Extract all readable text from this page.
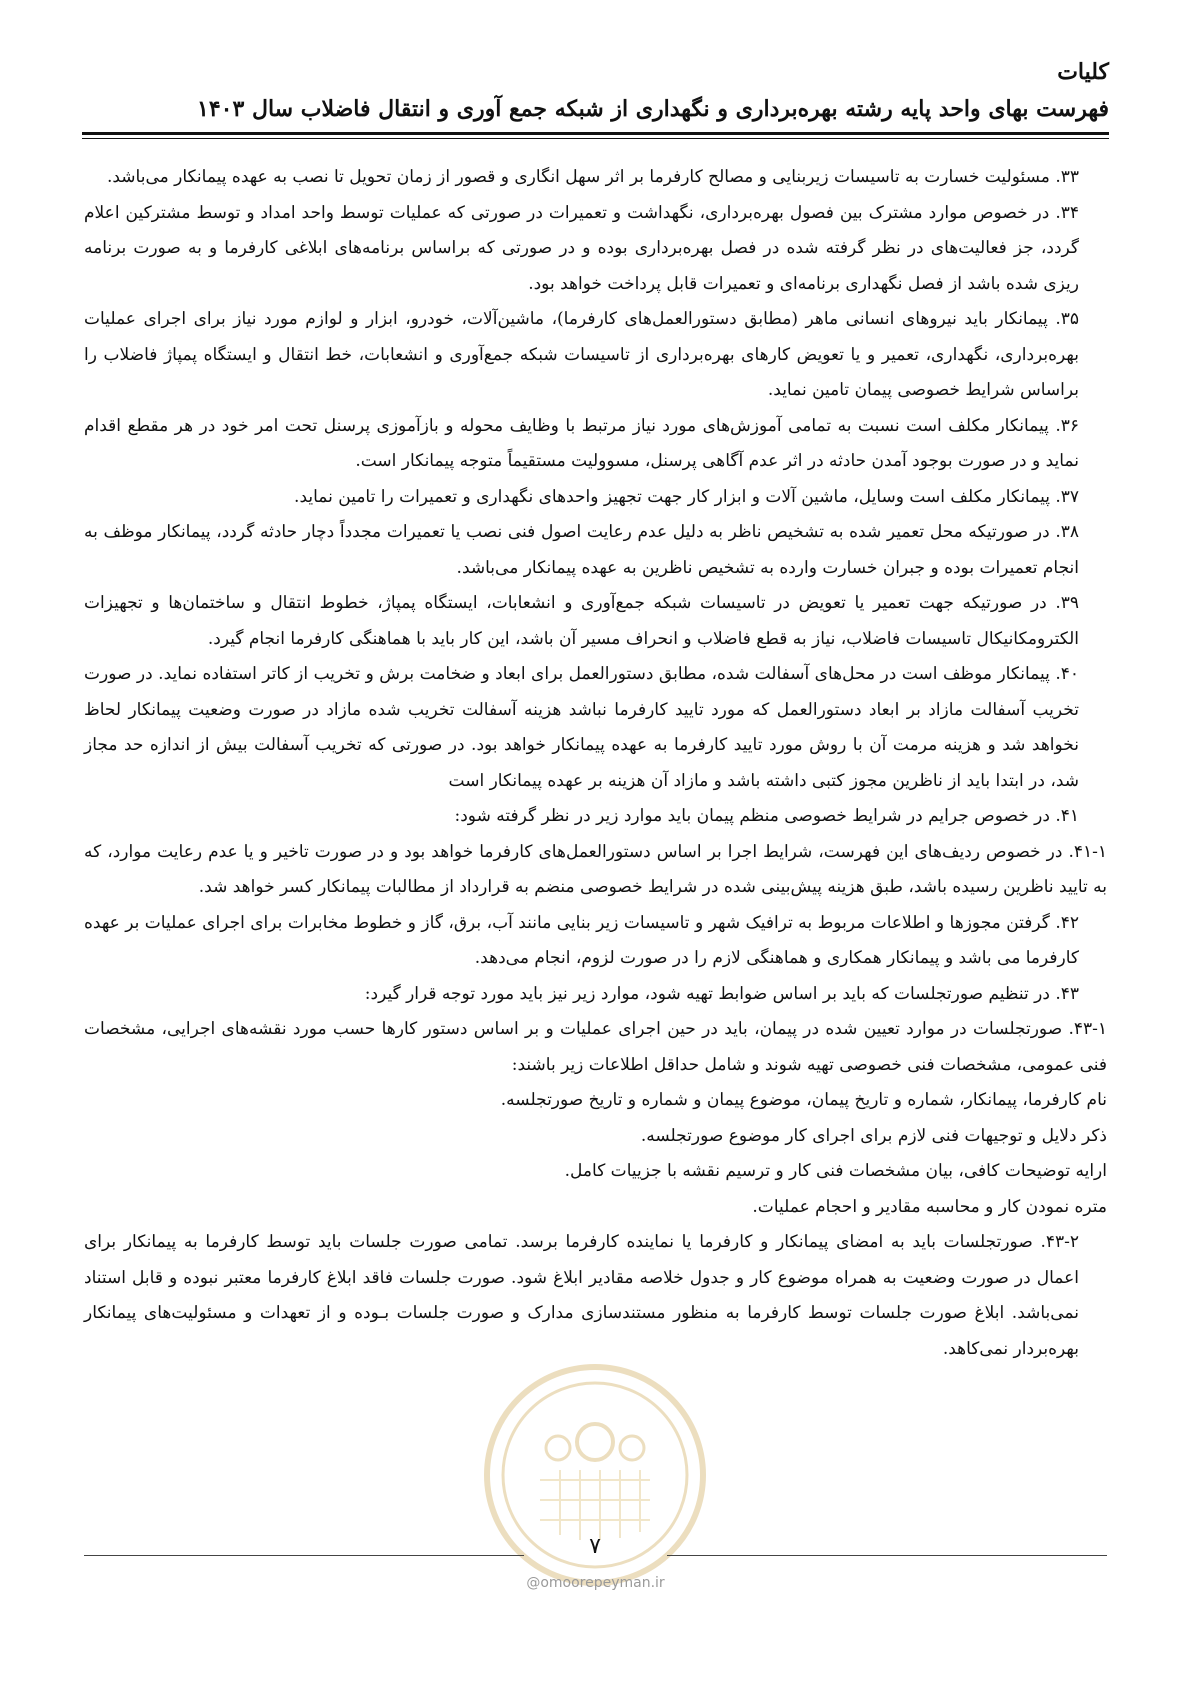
کلیات
فهرست بهای واحد پایه رشته بهره‌برداری و نگهداری از شبکه جمع آوری و انتقال فاضلاب سال ۱۴۰۳

۳۳. مسئولیت خسارت به تاسیسات زیربنایی و مصالح کارفرما بر اثر سهل انگاری و قصور از زمان تحویل تا نصب به عهده پیمانکار می‌باشد.

۳۴. در خصوص موارد مشترک بین فصول بهره‌برداری، نگهداشت و تعمیرات در صورتی که عملیات توسط واحد امداد و توسط مشترکین اعلام گردد، جز فعالیت‌های در نظر گرفته شده در فصل بهره‌برداری بوده و در صورتی که براساس برنامه‌های ابلاغی کارفرما و به صورت برنامه ریزی شده باشد از فصل نگهداری برنامه‌ای و تعمیرات قابل پرداخت خواهد بود.

۳۵. پیمانکار باید نیروهای انسانی ماهر (مطابق دستورالعمل‌های کارفرما)، ماشین‌آلات، خودرو، ابزار و لوازم مورد نیاز برای اجرای عملیات بهره‌برداری، نگهداری، تعمیر و یا تعویض کارهای بهره‌برداری از تاسیسات شبکه جمع‌آوری و انشعابات، خط انتقال و ایستگاه پمپاژ فاضلاب را براساس شرایط خصوصی پیمان تامین نماید.

۳۶. پیمانکار مکلف است نسبت به تمامی آموزش‌های مورد نیاز مرتبط با وظایف محوله و بازآموزی پرسنل تحت امر خود در هر مقطع اقدام نماید و در صورت بوجود آمدن حادثه در اثر عدم آگاهی پرسنل، مسوولیت مستقیماً متوجه پیمانکار است.

۳۷. پیمانکار مکلف است وسایل، ماشین آلات و ابزار کار جهت تجهیز واحدهای نگهداری و تعمیرات را تامین نماید.

۳۸. در صورتیکه محل تعمیر شده به تشخیص ناظر به دلیل عدم رعایت اصول فنی نصب یا تعمیرات مجدداً دچار حادثه گردد، پیمانکار موظف به انجام تعمیرات بوده و جبران خسارت وارده به تشخیص ناظرین به عهده پیمانکار می‌باشد.

۳۹. در صورتیکه جهت تعمیر یا تعویض در تاسیسات شبکه جمع‌آوری و انشعابات، ایستگاه پمپاژ، خطوط انتقال و ساختمان‌ها و تجهیزات الکترومکانیکال تاسیسات فاضلاب، نیاز به قطع فاضلاب و انحراف مسیر آن باشد، این کار باید با هماهنگی کارفرما انجام گیرد.

۴۰. پیمانکار موظف است در محل‌های آسفالت شده، مطابق دستورالعمل برای ابعاد و ضخامت برش و تخریب از کاتر استفاده نماید. در صورت تخریب آسفالت مازاد بر ابعاد دستورالعمل که مورد تایید کارفرما نباشد هزینه آسفالت تخریب شده مازاد در صورت وضعیت پیمانکار لحاظ نخواهد شد و هزینه مرمت آن با روش مورد تایید کارفرما به عهده پیمانکار خواهد بود. در صورتی که تخریب آسفالت بیش از اندازه حد مجاز شد، در ابتدا باید از ناظرین مجوز کتبی داشته باشد و مازاد آن هزینه بر عهده پیمانکار است

۴۱. در خصوص جرایم در شرایط خصوصی منظم پیمان باید موارد زیر در نظر گرفته شود:

۴۱-۱. در خصوص ردیف‌های این فهرست، شرایط اجرا بر اساس دستورالعمل‌های کارفرما خواهد بود و در صورت تاخیر و یا عدم رعایت موارد، که به تایید ناظرین رسیده باشد، طبق هزینه پیش‌بینی شده در شرایط خصوصی منضم به قرارداد از مطالبات پیمانکار کسر خواهد شد.

۴۲. گرفتن مجوزها و اطلاعات مربوط به ترافیک شهر و تاسیسات زیر بنایی مانند آب، برق، گاز و خطوط مخابرات برای اجرای عملیات بر عهده کارفرما می باشد و پیمانکار همکاری و هماهنگی لازم را در صورت لزوم، انجام می‌دهد.

۴۳. در تنظیم صورتجلسات که باید بر اساس ضوابط تهیه شود، موارد زیر نیز باید مورد توجه قرار گیرد:

۴۳-۱. صورتجلسات در موارد تعیین شده در پیمان، باید در حین اجرای عملیات و بر اساس دستور کارها حسب مورد نقشه‌های اجرایی، مشخصات فنی عمومی، مشخصات فنی خصوصی تهیه شوند و شامل حداقل اطلاعات زیر باشند:

نام کارفرما، پیمانکار، شماره و تاریخ پیمان، موضوع پیمان و شماره و تاریخ صورتجلسه.

ذکر دلایل و توجیهات فنی لازم برای اجرای کار موضوع صورتجلسه.

ارایه توضیحات کافی، بیان مشخصات فنی کار و ترسیم نقشه با جزییات کامل.

متره نمودن کار و محاسبه مقادیر و احجام عملیات.

۴۳-۲. صورتجلسات باید به امضای پیمانکار و کارفرما یا نماینده کارفرما برسد. تمامی صورت جلسات باید توسط کارفرما به پیمانکار برای اعمال در صورت وضعیت به همراه موضوع کار و جدول خلاصه مقادیر ابلاغ شود. صورت جلسات فاقد ابلاغ کارفرما معتبر نبوده و قابل استناد نمی‌باشد. ابلاغ صورت جلسات توسط کارفرما به منظور مستندسازی مدارک و صورت جلسات بـوده و از تعهدات و مسئولیت‌های پیمانکار بهره‌بردار نمی‌کاهد.

۷
@omoorepeyman.ir
